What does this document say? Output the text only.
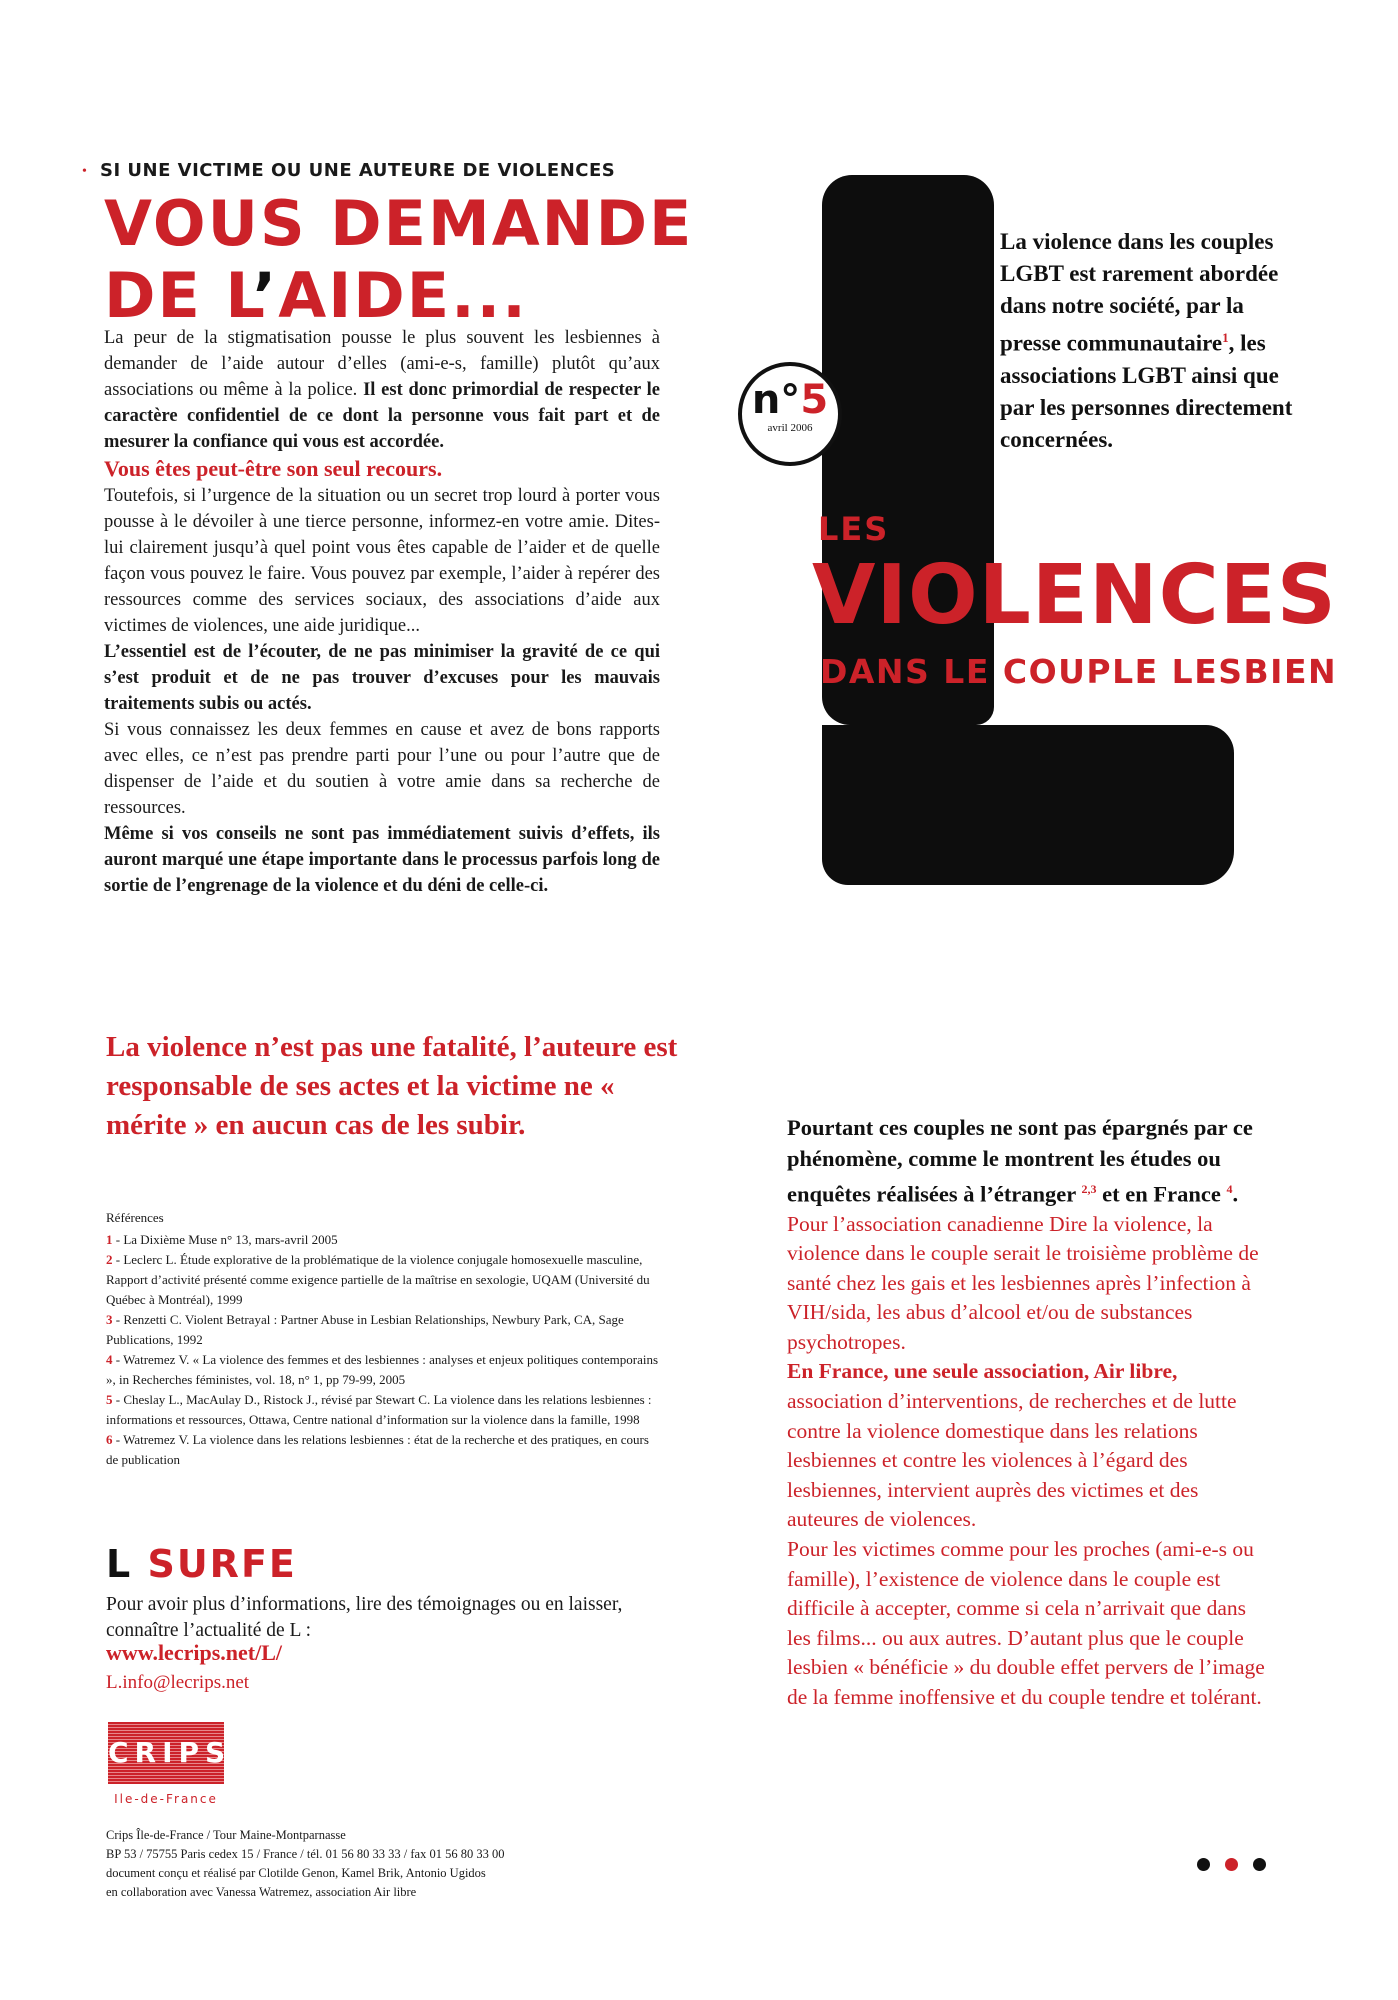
• SI UNE VICTIME OU UNE AUTEURE DE VIOLENCES
VOUS DEMANDE
DE L’AIDE...

La peur de la stigmatisation pousse le plus souvent les lesbiennes à demander de l’aide autour d’elles (ami-e-s, famille) plutôt qu’aux associations ou même à la police. Il est donc primordial de respecter le caractère confidentiel de ce dont la personne vous fait part et de mesurer la confiance qui vous est accordée.

Vous êtes peut-être son seul recours.

Toutefois, si l’urgence de la situation ou un secret trop lourd à porter vous pousse à le dévoiler à une tierce personne, informez-en votre amie. Dites-lui clairement jusqu’à quel point vous êtes capable de l’aider et de quelle façon vous pouvez le faire. Vous pouvez par exemple, l’aider à repérer des ressources comme des services sociaux, des associations d’aide aux victimes de violences, une aide juridique...

L’essentiel est de l’écouter, de ne pas minimiser la gravité de ce qui s’est produit et de ne pas trouver d’excuses pour les mauvais traitements subis ou actés.

Si vous connaissez les deux femmes en cause et avez de bons rapports avec elles, ce n’est pas prendre parti pour l’une ou pour l’autre que de dispenser de l’aide et du soutien à votre amie dans sa recherche de ressources.

Même si vos conseils ne sont pas immédiatement suivis d’effets, ils auront marqué une étape importante dans le processus parfois long de sortie de l’engrenage de la violence et du déni de celle-ci.

La violence dans les couples LGBT est rarement abordée dans notre société, par la presse communautaire$^1$, les associations LGBT ainsi que par les personnes directement concernées.
n°5
avril 2006
LES
VIOLENCES
DANS LE COUPLE LESBIEN
La violence n’est pas une fatalité, l’auteure est responsable de ses actes et la victime ne « mérite » en aucun cas de les subir.

Références

1 - La Dixième Muse n° 13, mars-avril 2005

2 - Leclerc L. Étude explorative de la problématique de la violence conjugale homosexuelle masculine, Rapport d’activité présenté comme exigence partielle de la maîtrise en sexologie, UQAM (Université du Québec à Montréal), 1999

3 - Renzetti C. Violent Betrayal : Partner Abuse in Lesbian Relationships, Newbury Park, CA, Sage Publications, 1992

4 - Watremez V. « La violence des femmes et des lesbiennes : analyses et enjeux politiques contemporains », in Recherches féministes, vol. 18, n° 1, pp 79-99, 2005

5 - Cheslay L., MacAulay D., Ristock J., révisé par Stewart C. La violence dans les relations lesbiennes : informations et ressources, Ottawa, Centre national d’information sur la violence dans la famille, 1998

6 - Watremez V. La violence dans les relations lesbiennes : état de la recherche et des pratiques, en cours de publication

L SURFE
Pour avoir plus d’informations, lire des témoignages ou en laisser, connaître l’actualité de L :
www.lecrips.net/L/
L.info@lecrips.net
CRIPS
Ile-de-France
Crips Île-de-France / Tour Maine-Montparnasse
BP 53 / 75755 Paris cedex 15 / France / tél. 01 56 80 33 33 / fax 01 56 80 33 00
document conçu et réalisé par Clotilde Genon, Kamel Brik, Antonio Ugidos
en collaboration avec Vanessa Watremez, association Air libre

Pourtant ces couples ne sont pas épargnés par ce phénomène, comme le montrent les études ou enquêtes réalisées à l’étranger $^{2,3}$ et en France $^4$.

Pour l’association canadienne Dire la violence, la violence dans le couple serait le troisième problème de santé chez les gais et les lesbiennes après l’infection à VIH/sida, les abus d’alcool et/ou de substances psychotropes.

En France, une seule association, Air libre, association d’interventions, de recherches et de lutte contre la violence domestique dans les relations lesbiennes et contre les violences à l’égard des lesbiennes, intervient auprès des victimes et des auteures de violences.

Pour les victimes comme pour les proches (ami-e-s ou famille), l’existence de violence dans le couple est difficile à accepter, comme si cela n’arrivait que dans les films... ou aux autres. D’autant plus que le couple lesbien « bénéficie » du double effet pervers de l’image de la femme inoffensive et du couple tendre et tolérant.
